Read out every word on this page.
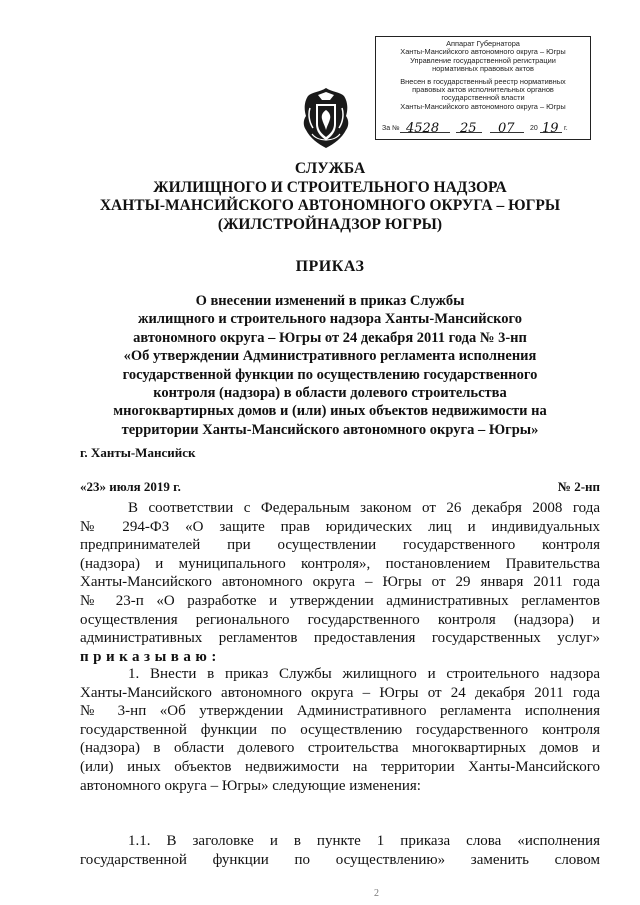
Аппарат Губернатора
Ханты-Мансийского автономного округа – Югры
Управление государственной регистрации
нормативных правовых актов
Внесен в государственный реестр нормативных
правовых актов исполнительных органов
государственной власти
Ханты-Мансийского автономного округа – Югры
За № 4528 25 07 20 19 г.
СЛУЖБА
ЖИЛИЩНОГО И СТРОИТЕЛЬНОГО НАДЗОРА
ХАНТЫ-МАНСИЙСКОГО АВТОНОМНОГО ОКРУГА – ЮГРЫ
(ЖИЛСТРОЙНАДЗОР ЮГРЫ)
ПРИКАЗ
О внесении изменений в приказ Службы
жилищного и строительного надзора Ханты-Мансийского
автономного округа – Югры от 24 декабря 2011 года № 3-нп
«Об утверждении Административного регламента исполнения
государственной функции по осуществлению государственного
контроля (надзора) в области долевого строительства
многоквартирных домов и (или) иных объектов недвижимости на
территории Ханты-Мансийского автономного округа – Югры»
г. Ханты-Мансийск
«23» июля 2019 г.	№ 2-нп
В соответствии с Федеральным законом от 26 декабря 2008 года
№ 294-ФЗ «О защите прав юридических лиц и индивидуальных
предпринимателей при осуществлении государственного контроля
(надзора) и муниципального контроля», постановлением Правительства
Ханты-Мансийского автономного округа – Югры от 29 января 2011 года
№ 23-п «О разработке и утверждении административных регламентов
осуществления регионального государственного контроля (надзора) и
административных регламентов предоставления государственных услуг»
приказываю:
1. Внести в приказ Службы жилищного и строительного надзора
Ханты-Мансийского автономного округа – Югры от 24 декабря 2011 года
№ 3-нп «Об утверждении Административного регламента исполнения
государственной функции по осуществлению государственного контроля
(надзора) в области долевого строительства многоквартирных домов и
(или) иных объектов недвижимости на территории Ханты-Мансийского
автономного округа – Югры» следующие изменения:
1.1. В заголовке и в пункте 1 приказа слова «исполнения
государственной функции по осуществлению» заменить словом
2
